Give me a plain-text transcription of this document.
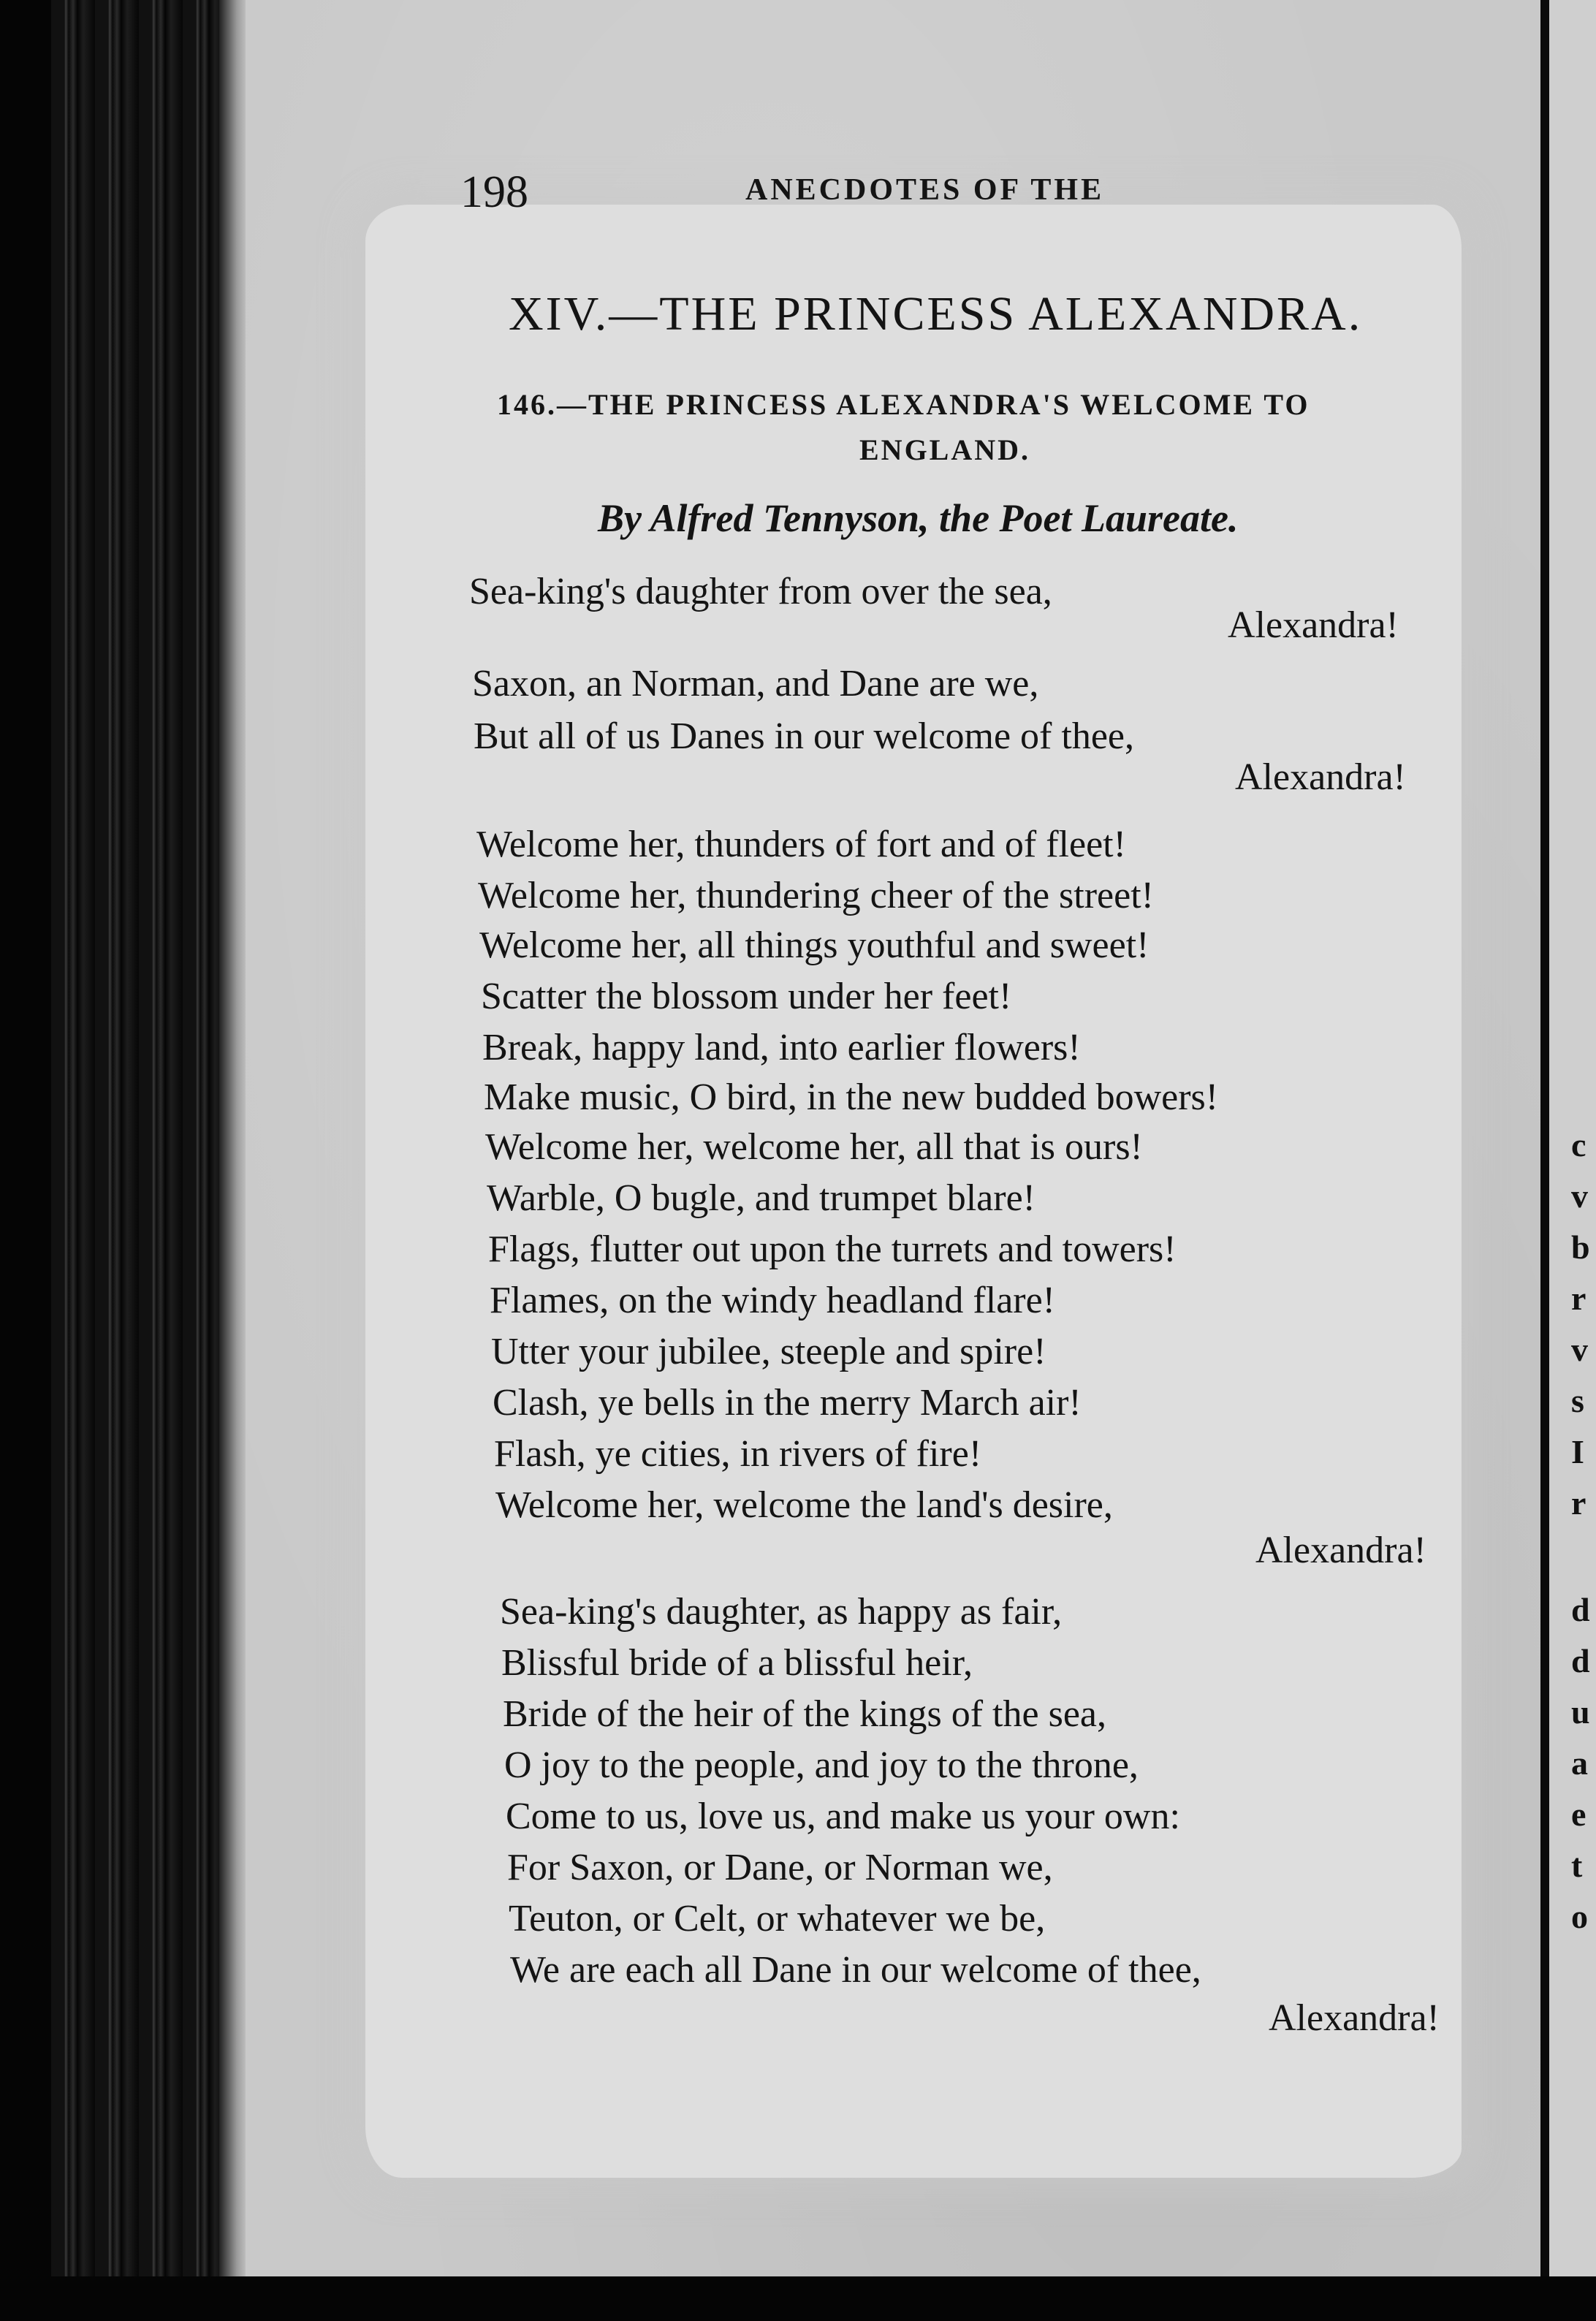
c
v
b
r
v
s
I
r
d
d
u
a
e
t
o
198	ANECDOTES OF THE
XIV.—THE PRINCESS ALEXANDRA.
146.—THE PRINCESS ALEXANDRA'S WELCOME TO
ENGLAND.
By Alfred Tennyson, the Poet Laureate.
Sea-king's daughter from over the sea,
Alexandra!
Saxon, an Norman, and Dane are we,
But all of us Danes in our welcome of thee,
Alexandra!
Welcome her, thunders of fort and of fleet!
Welcome her, thundering cheer of the street!
Welcome her, all things youthful and sweet!
Scatter the blossom under her feet!
Break, happy land, into earlier flowers!
Make music, O bird, in the new budded bowers!
Welcome her, welcome her, all that is ours!
Warble, O bugle, and trumpet blare!
Flags, flutter out upon the turrets and towers!
Flames, on the windy headland flare!
Utter your jubilee, steeple and spire!
Clash, ye bells in the merry March air!
Flash, ye cities, in rivers of fire!
Welcome her, welcome the land's desire,
Alexandra!
Sea-king's daughter, as happy as fair,
Blissful bride of a blissful heir,
Bride of the heir of the kings of the sea,
O joy to the people, and joy to the throne,
Come to us, love us, and make us your own:
For Saxon, or Dane, or Norman we,
Teuton, or Celt, or whatever we be,
We are each all Dane in our welcome of thee,
Alexandra!
